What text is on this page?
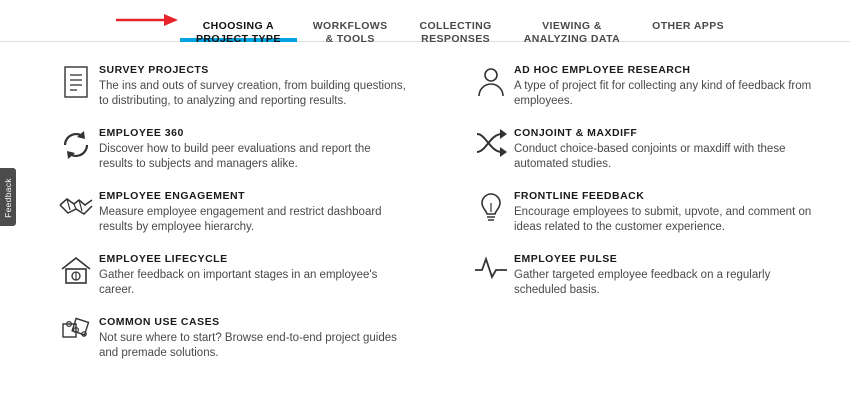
CHOOSING A

PROJECT TYPE

WORKFLOWS

& TOOLS

COLLECTING

RESPONSES

VIEWING &

ANALYZING DATA

OTHER APPS

Feedback
SURVEY PROJECTS
The ins and outs of survey creation, from building questions, to distributing, to analyzing and reporting results.
EMPLOYEE 360
Discover how to build peer evaluations and report the results to subjects and managers alike.
EMPLOYEE ENGAGEMENT
Measure employee engagement and restrict dashboard results by employee hierarchy.
EMPLOYEE LIFECYCLE
Gather feedback on important stages in an employee's career.
COMMON USE CASES
Not sure where to start? Browse end-to-end project guides and premade solutions.
AD HOC EMPLOYEE RESEARCH
A type of project fit for collecting any kind of feedback from employees.
CONJOINT & MAXDIFF
Conduct choice-based conjoints or maxdiff with these automated studies.
FRONTLINE FEEDBACK
Encourage employees to submit, upvote, and comment on ideas related to the customer experience.
EMPLOYEE PULSE
Gather targeted employee feedback on a regularly scheduled basis.
